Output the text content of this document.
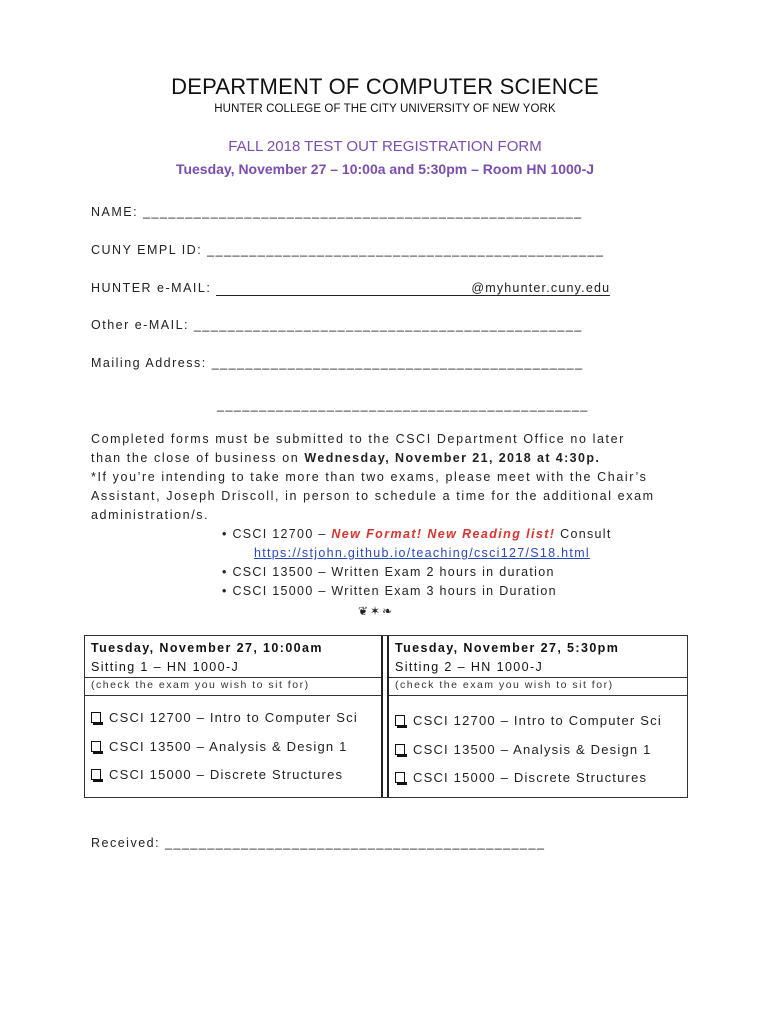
DEPARTMENT OF COMPUTER SCIENCE
HUNTER COLLEGE OF THE CITY UNIVERSITY OF NEW YORK
FALL 2018 TEST OUT REGISTRATION FORM
Tuesday, November 27 – 10:00a and 5:30pm – Room HN 1000-J
NAME: ____________________________________________________
CUNY EMPL ID: _______________________________________________
HUNTER e-MAIL:	@myhunter.cuny.edu
Other e-MAIL: ______________________________________________
Mailing Address: ____________________________________________
____________________________________________
Completed forms must be submitted to the CSCI Department Office no later
than the close of business on Wednesday, November 21, 2018 at 4:30p.
*If you’re intending to take more than two exams, please meet with the Chair’s
Assistant, Joseph Driscoll, in person to schedule a time for the additional exam
administration/s.
• CSCI 12700 – New Format! New Reading list! Consult
https://stjohn.github.io/teaching/csci127/S18.html
• CSCI 13500 – Written Exam 2 hours in duration
• CSCI 15000 – Written Exam 3 hours in Duration
❦✶❧
Tuesday, November 27, 10:00am
Sitting 1 – HN 1000-J
(check the exam you wish to sit for)
CSCI 12700 – Intro to Computer Sci
CSCI 13500 – Analysis & Design 1
CSCI 15000 – Discrete Structures
Tuesday, November 27, 5:30pm
Sitting 2 – HN 1000-J
(check the exam you wish to sit for)
CSCI 12700 – Intro to Computer Sci
CSCI 13500 – Analysis & Design 1
CSCI 15000 – Discrete Structures
Received: _____________________________________________
